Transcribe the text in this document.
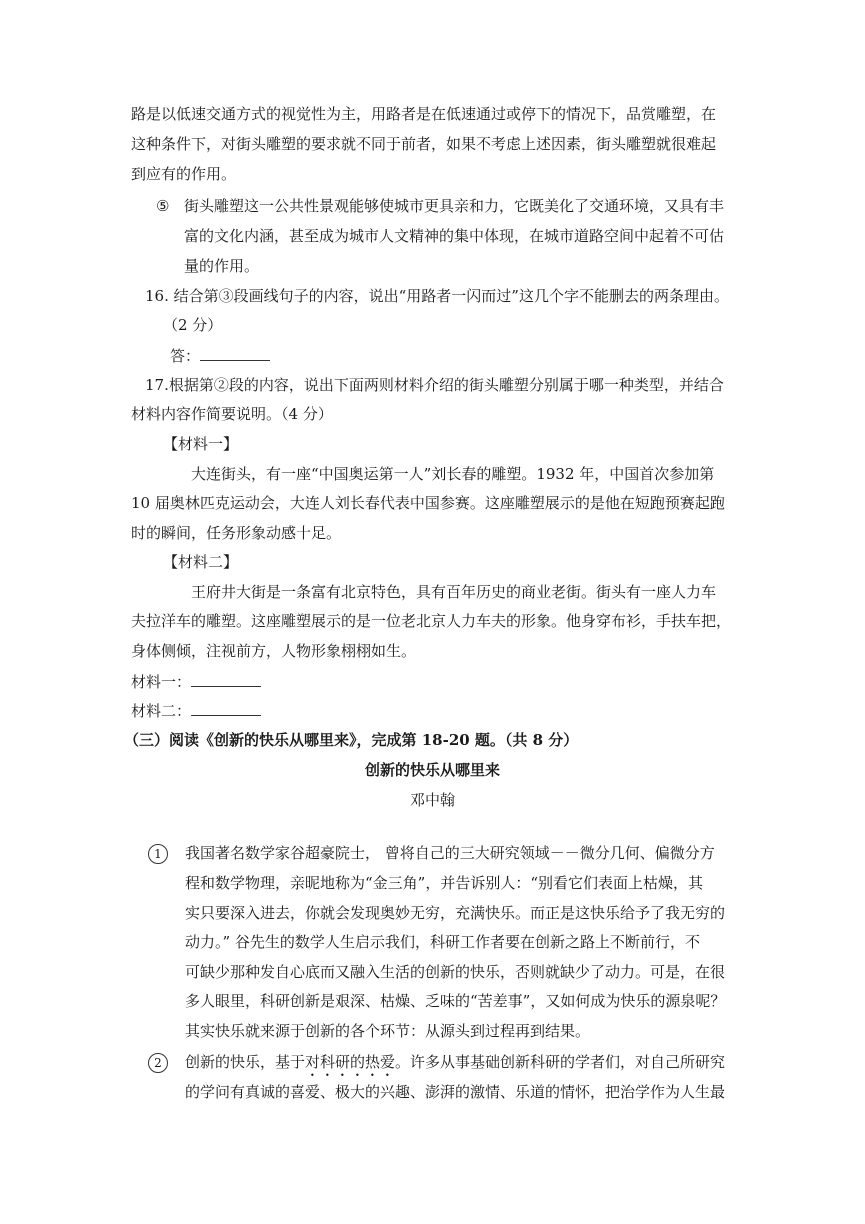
路是以低速交通方式的视觉性为主，用路者是在低速通过或停下的情况下，品赏雕塑，在
这种条件下，对街头雕塑的要求就不同于前者，如果不考虑上述因素，街头雕塑就很难起
到应有的作用。
⑤ 街头雕塑这一公共性景观能够使城市更具亲和力，它既美化了交通环境，又具有丰
富的文化内涵，甚至成为城市人文精神的集中体现，在城市道路空间中起着不可估
量的作用。
16. 结合第③段画线句子的内容，说出“用路者一闪而过”这几个字不能删去的两条理由。
（2 分）
答：
17.根据第②段的内容，说出下面两则材料介绍的街头雕塑分别属于哪一种类型，并结合
材料内容作简要说明。（4 分）
【材料一】
大连街头，有一座“中国奥运第一人”刘长春的雕塑。1932 年，中国首次参加第
10 届奥林匹克运动会，大连人刘长春代表中国参赛。这座雕塑展示的是他在短跑预赛起跑
时的瞬间，任务形象动感十足。
【材料二】
王府井大街是一条富有北京特色，具有百年历史的商业老街。街头有一座人力车
夫拉洋车的雕塑。这座雕塑展示的是一位老北京人力车夫的形象。他身穿布衫，手扶车把，
身体侧倾，注视前方，人物形象栩栩如生。
材料一：
材料二：
（三）阅读《创新的快乐从哪里来》，完成第 18-20 题。（共 8 分）
创新的快乐从哪里来
邓中翰
1	我国著名数学家谷超豪院士， 曾将自己的三大研究领域－－微分几何、偏微分方
程和数学物理，亲昵地称为“金三角”，并告诉别人：“别看它们表面上枯燥，其
实只要深入进去，你就会发现奥妙无穷，充满快乐。而正是这快乐给予了我无穷的
动力。” 谷先生的数学人生启示我们，科研工作者要在创新之路上不断前行，不
可缺少那种发自心底而又融入生活的创新的快乐，否则就缺少了动力。可是，在很
多人眼里，科研创新是艰深、枯燥、乏味的“苦差事”，又如何成为快乐的源泉呢？
其实快乐就来源于创新的各个环节：从源头到过程再到结果。
2	创新的快乐，基于对科研的热爱。许多从事基础创新科研的学者们，对自己所研究
的学问有真诚的喜爱、极大的兴趣、澎湃的激情、乐道的情怀，把治学作为人生最
